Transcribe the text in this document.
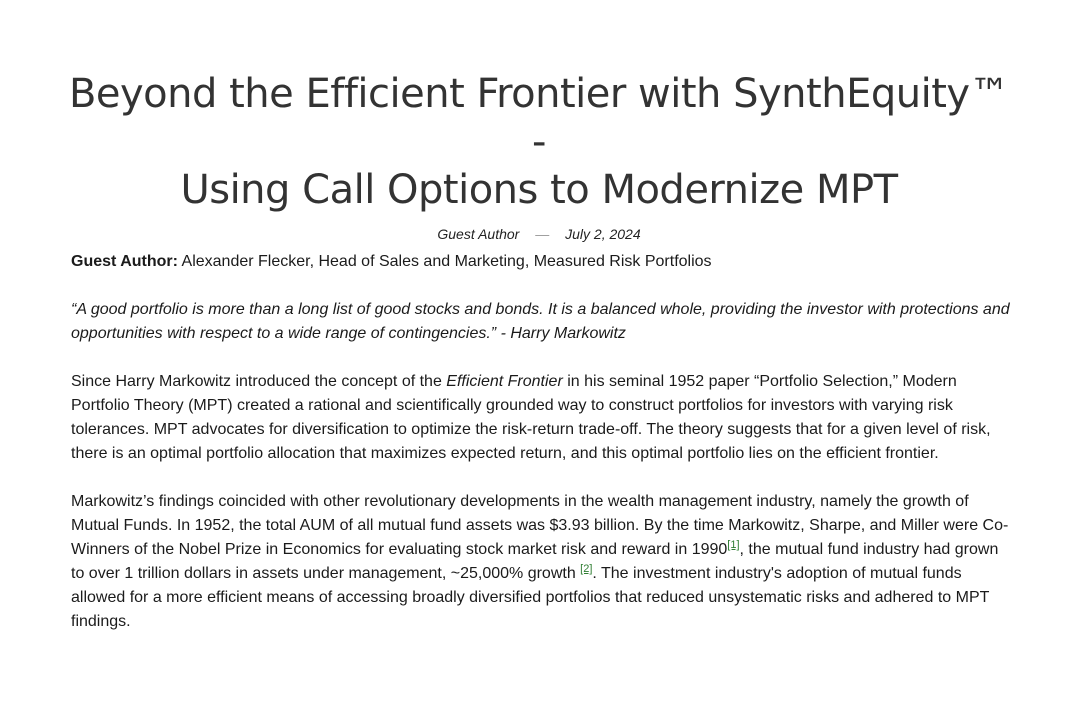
Beyond the Efficient Frontier with SynthEquity™ -
Using Call Options to Modernize MPT
Guest Author — July 2, 2024

Guest Author: Alexander Flecker, Head of Sales and Marketing, Measured Risk Portfolios

“A good portfolio is more than a long list of good stocks and bonds. It is a balanced whole, providing the investor with protections and opportunities with respect to a wide range of contingencies.” - Harry Markowitz

Since Harry Markowitz introduced the concept of the Efficient Frontier in his seminal 1952 paper “Portfolio Selection,” Modern Portfolio Theory (MPT) created a rational and scientifically grounded way to construct portfolios for investors with varying risk tolerances. MPT advocates for diversification to optimize the risk-return trade-off. The theory suggests that for a given level of risk, there is an optimal portfolio allocation that maximizes expected return, and this optimal portfolio lies on the efficient frontier.

Markowitz’s findings coincided with other revolutionary developments in the wealth management industry, namely the growth of Mutual Funds. In 1952, the total AUM of all mutual fund assets was $3.93 billion. By the time Markowitz, Sharpe, and Miller were Co-Winners of the Nobel Prize in Economics for evaluating stock market risk and reward in 1990[1], the mutual fund industry had grown to over 1 trillion dollars in assets under management, ~25,000% growth [2]. The investment industry's adoption of mutual funds allowed for a more efficient means of accessing broadly diversified portfolios that reduced unsystematic risks and adhered to MPT findings.
